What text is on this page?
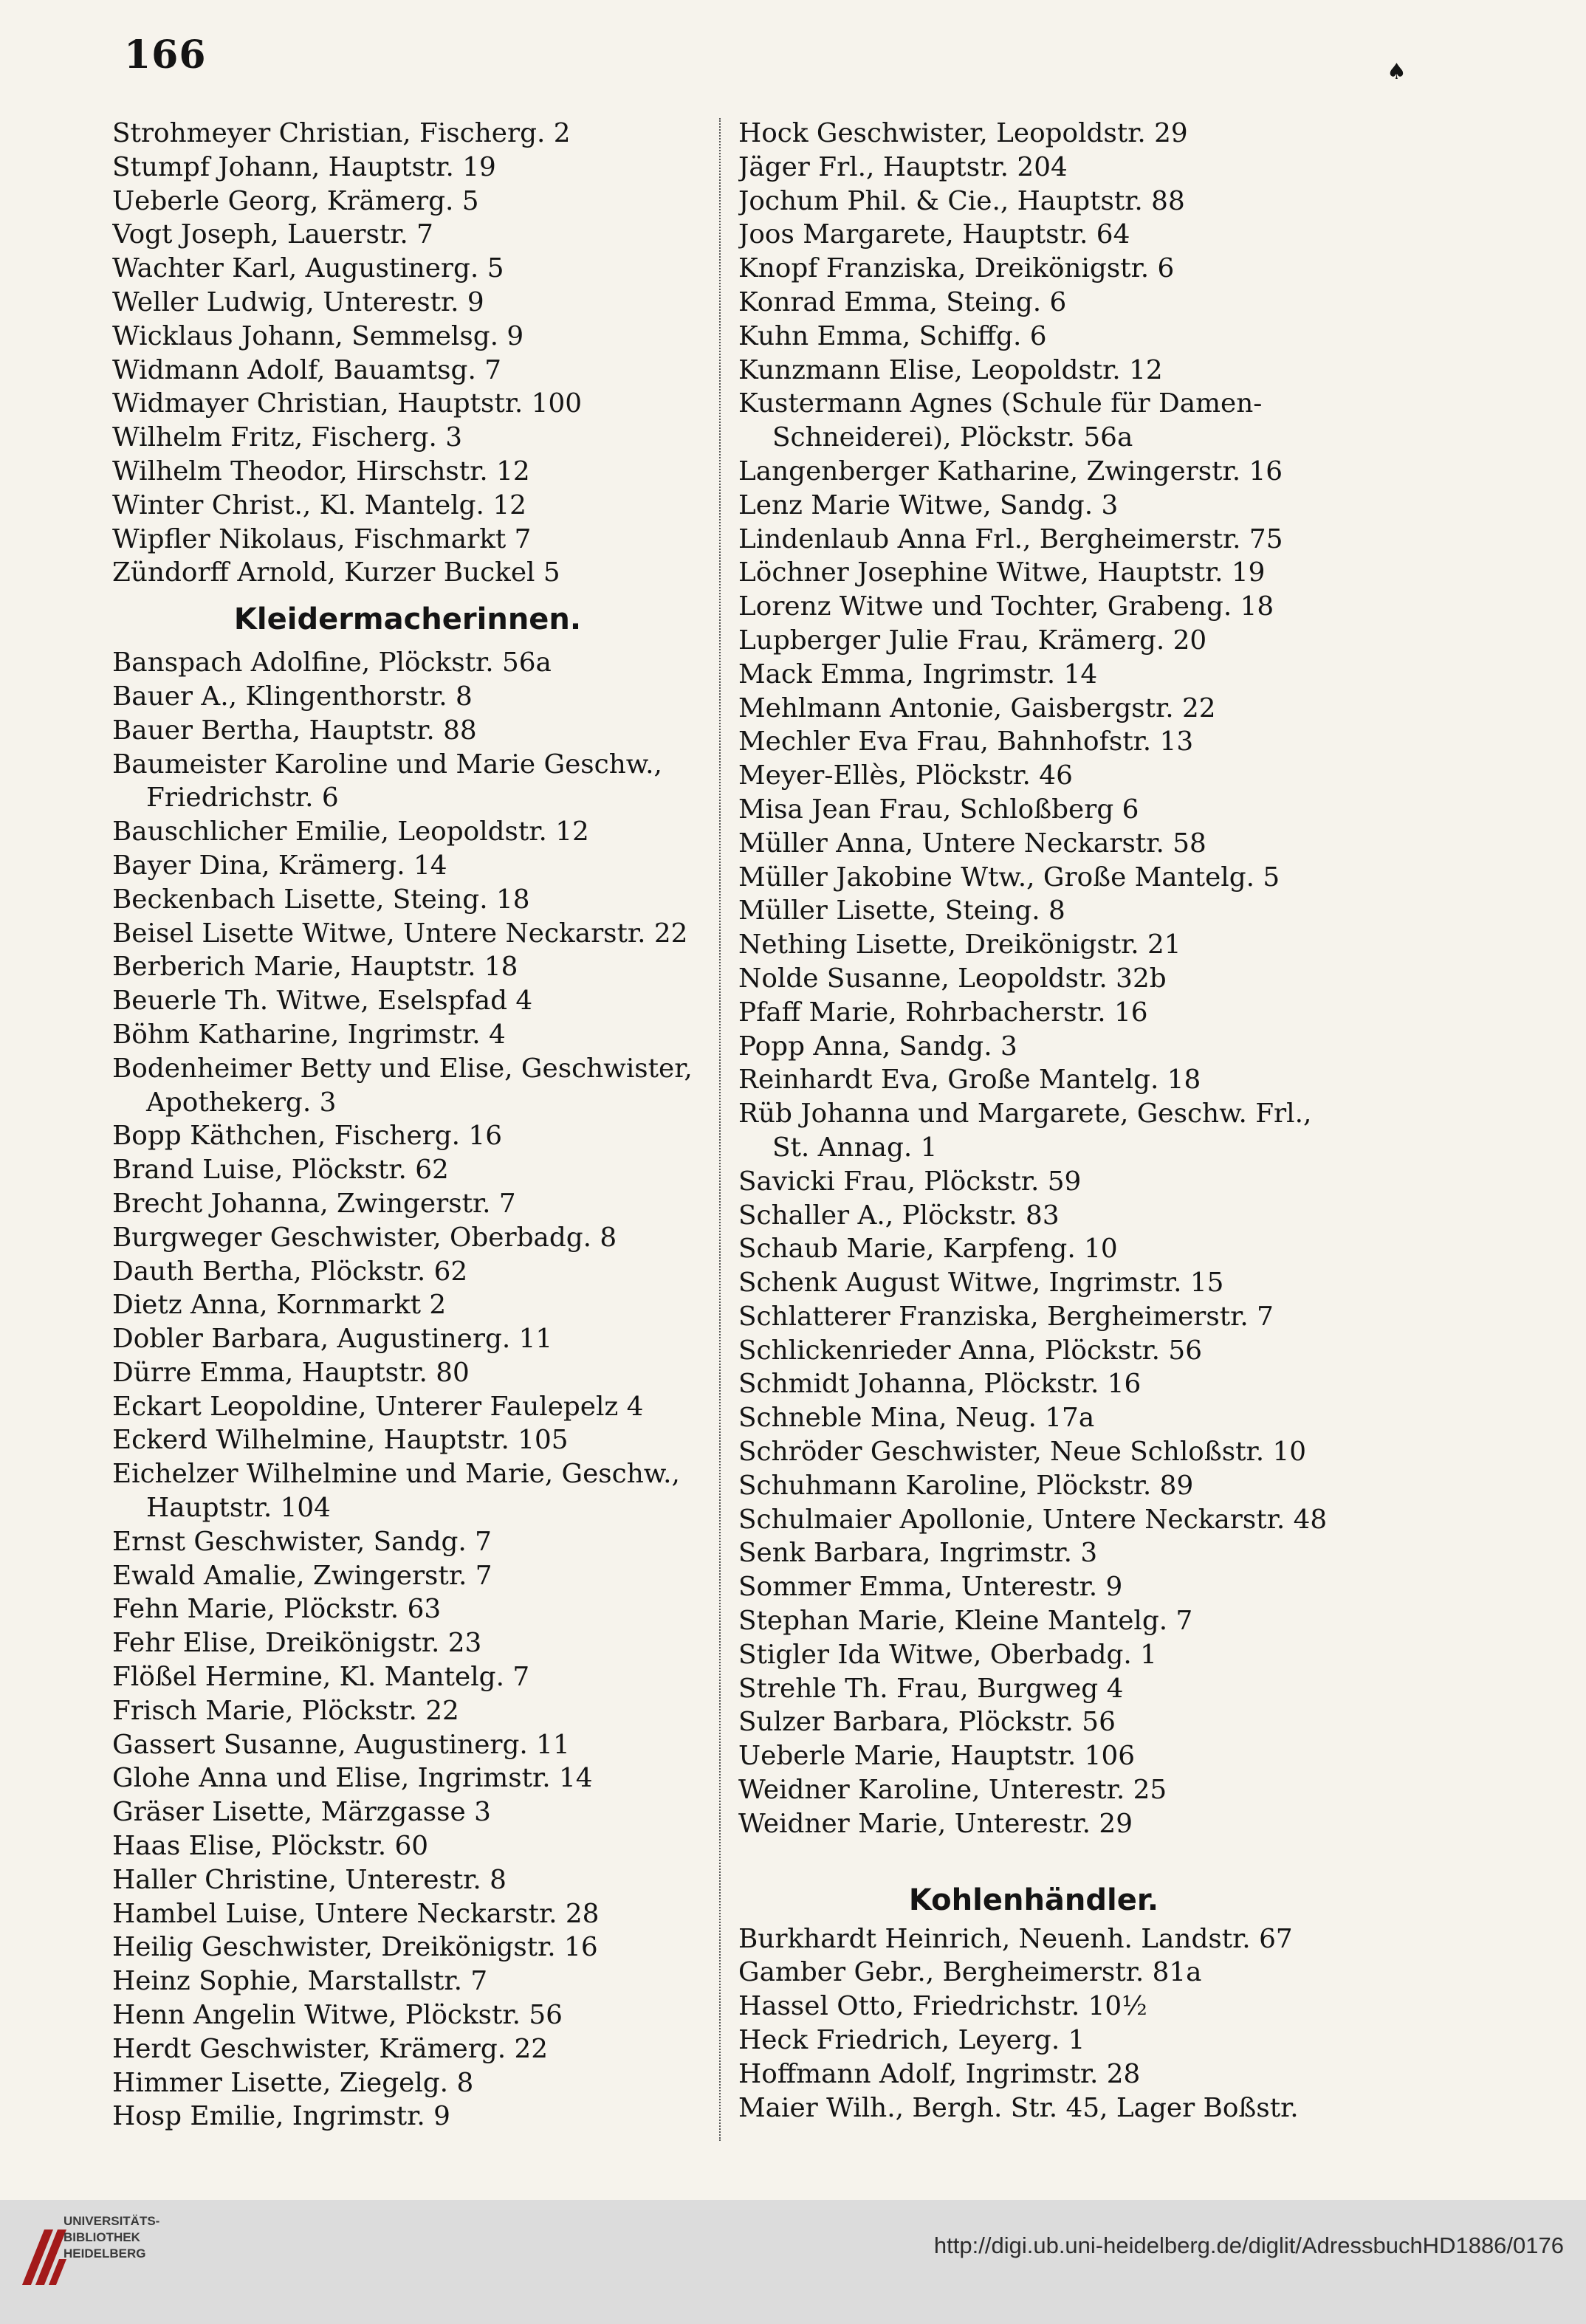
166	♠
Strohmeyer Christian, Fischerg. 2
Stumpf Johann, Hauptstr. 19
Ueberle Georg, Krämerg. 5
Vogt Joseph, Lauerstr. 7
Wachter Karl, Augustinerg. 5
Weller Ludwig, Unterestr. 9
Wicklaus Johann, Semmelsg. 9
Widmann Adolf, Bauamtsg. 7
Widmayer Christian, Hauptstr. 100
Wilhelm Fritz, Fischerg. 3
Wilhelm Theodor, Hirschstr. 12
Winter Christ., Kl. Mantelg. 12
Wipfler Nikolaus, Fischmarkt 7
Zündorff Arnold, Kurzer Buckel 5
Kleidermacherinnen.
Banspach Adolfine, Plöckstr. 56a
Bauer A., Klingenthorstr. 8
Bauer Bertha, Hauptstr. 88
Baumeister Karoline und Marie Geschw.,
Friedrichstr. 6
Bauschlicher Emilie, Leopoldstr. 12
Bayer Dina, Krämerg. 14
Beckenbach Lisette, Steing. 18
Beisel Lisette Witwe, Untere Neckarstr. 22
Berberich Marie, Hauptstr. 18
Beuerle Th. Witwe, Eselspfad 4
Böhm Katharine, Ingrimstr. 4
Bodenheimer Betty und Elise, Geschwister,
Apothekerg. 3
Bopp Käthchen, Fischerg. 16
Brand Luise, Plöckstr. 62
Brecht Johanna, Zwingerstr. 7
Burgweger Geschwister, Oberbadg. 8
Dauth Bertha, Plöckstr. 62
Dietz Anna, Kornmarkt 2
Dobler Barbara, Augustinerg. 11
Dürre Emma, Hauptstr. 80
Eckart Leopoldine, Unterer Faulepelz 4
Eckerd Wilhelmine, Hauptstr. 105
Eichelzer Wilhelmine und Marie, Geschw.,
Hauptstr. 104
Ernst Geschwister, Sandg. 7
Ewald Amalie, Zwingerstr. 7
Fehn Marie, Plöckstr. 63
Fehr Elise, Dreikönigstr. 23
Flößel Hermine, Kl. Mantelg. 7
Frisch Marie, Plöckstr. 22
Gassert Susanne, Augustinerg. 11
Glohe Anna und Elise, Ingrimstr. 14
Gräser Lisette, Märzgasse 3
Haas Elise, Plöckstr. 60
Haller Christine, Unterestr. 8
Hambel Luise, Untere Neckarstr. 28
Heilig Geschwister, Dreikönigstr. 16
Heinz Sophie, Marstallstr. 7
Henn Angelin Witwe, Plöckstr. 56
Herdt Geschwister, Krämerg. 22
Himmer Lisette, Ziegelg. 8
Hosp Emilie, Ingrimstr. 9
Hock Geschwister, Leopoldstr. 29
Jäger Frl., Hauptstr. 204
Jochum Phil. & Cie., Hauptstr. 88
Joos Margarete, Hauptstr. 64
Knopf Franziska, Dreikönigstr. 6
Konrad Emma, Steing. 6
Kuhn Emma, Schiffg. 6
Kunzmann Elise, Leopoldstr. 12
Kustermann Agnes (Schule für Damen-
Schneiderei), Plöckstr. 56a
Langenberger Katharine, Zwingerstr. 16
Lenz Marie Witwe, Sandg. 3
Lindenlaub Anna Frl., Bergheimerstr. 75
Löchner Josephine Witwe, Hauptstr. 19
Lorenz Witwe und Tochter, Grabeng. 18
Lupberger Julie Frau, Krämerg. 20
Mack Emma, Ingrimstr. 14
Mehlmann Antonie, Gaisbergstr. 22
Mechler Eva Frau, Bahnhofstr. 13
Meyer-Ellès, Plöckstr. 46
Misa Jean Frau, Schloßberg 6
Müller Anna, Untere Neckarstr. 58
Müller Jakobine Wtw., Große Mantelg. 5
Müller Lisette, Steing. 8
Nething Lisette, Dreikönigstr. 21
Nolde Susanne, Leopoldstr. 32b
Pfaff Marie, Rohrbacherstr. 16
Popp Anna, Sandg. 3
Reinhardt Eva, Große Mantelg. 18
Rüb Johanna und Margarete, Geschw. Frl.,
St. Annag. 1
Savicki Frau, Plöckstr. 59
Schaller A., Plöckstr. 83
Schaub Marie, Karpfeng. 10
Schenk August Witwe, Ingrimstr. 15
Schlatterer Franziska, Bergheimerstr. 7
Schlickenrieder Anna, Plöckstr. 56
Schmidt Johanna, Plöckstr. 16
Schneble Mina, Neug. 17a
Schröder Geschwister, Neue Schloßstr. 10
Schuhmann Karoline, Plöckstr. 89
Schulmaier Apollonie, Untere Neckarstr. 48
Senk Barbara, Ingrimstr. 3
Sommer Emma, Unterestr. 9
Stephan Marie, Kleine Mantelg. 7
Stigler Ida Witwe, Oberbadg. 1
Strehle Th. Frau, Burgweg 4
Sulzer Barbara, Plöckstr. 56
Ueberle Marie, Hauptstr. 106
Weidner Karoline, Unterestr. 25
Weidner Marie, Unterestr. 29
Kohlenhändler.
Burkhardt Heinrich, Neuenh. Landstr. 67
Gamber Gebr., Bergheimerstr. 81a
Hassel Otto, Friedrichstr. 10½
Heck Friedrich, Leyerg. 1
Hoffmann Adolf, Ingrimstr. 28
Maier Wilh., Bergh. Str. 45, Lager Boßstr.
UNIVERSITÄTS-
BIBLIOTHEK
HEIDELBERG	http://digi.ub.uni-heidelberg.de/diglit/AdressbuchHD1886/0176
